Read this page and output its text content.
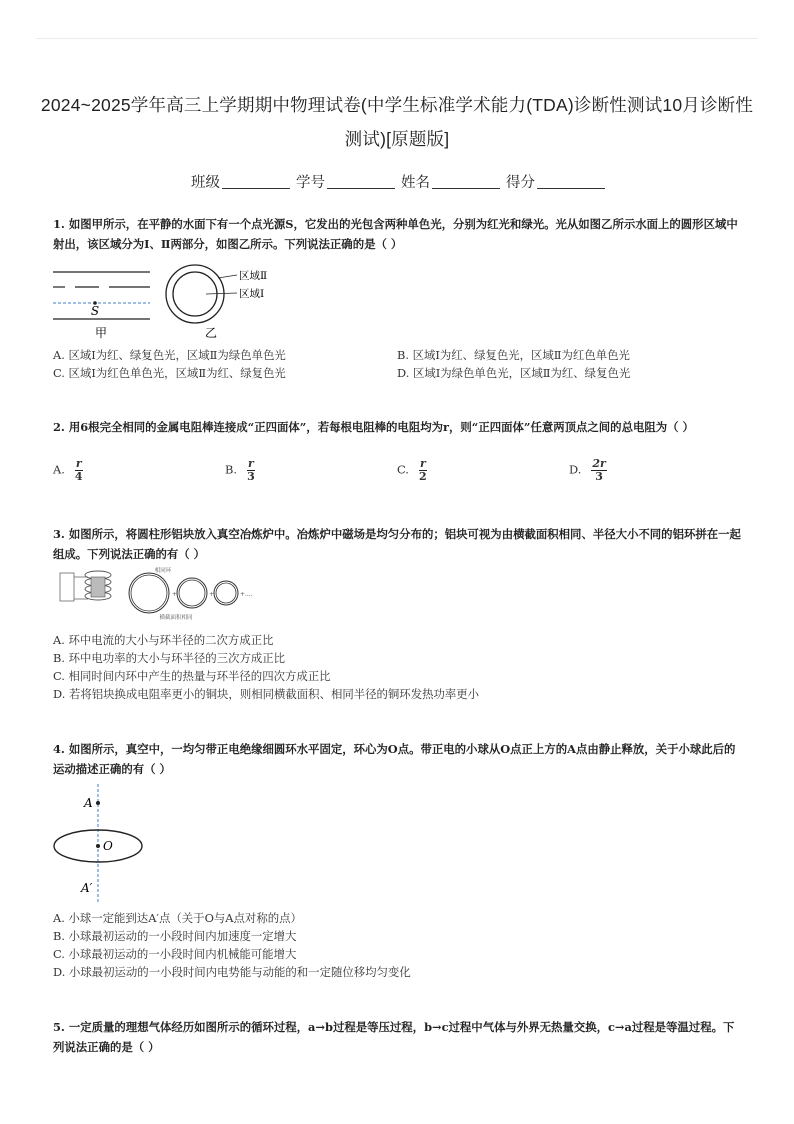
2024~2025学年高三上学期期中物理试卷(中学生标准学术能力(TDA)诊断性测试10月诊断性测试)[原题版]
班级	学号	姓名	得分
1. 如图甲所示，在平静的水面下有一个点光源S，它发出的光包含两种单色光，分别为红光和绿光。光从如图乙所示水面上的圆形区域中射出，该区域分为Ⅰ、Ⅱ两部分，如图乙所示。下列说法正确的是（ ）
S
甲
区域Ⅱ
区域Ⅰ
乙
A. 区域Ⅰ为红、绿复色光，区域Ⅱ为绿色单色光	B. 区域Ⅰ为红、绿复色光，区域Ⅱ为红色单色光
C. 区域Ⅰ为红色单色光，区域Ⅱ为红、绿复色光	D. 区域Ⅰ为绿色单色光，区域Ⅱ为红、绿复色光
2. 用6根完全相同的金属电阻棒连接成“正四面体”，若每根电阻棒的电阻均为r，则“正四面体”任意两顶点之间的总电阻为（ ）
A. $\frac{r}{4}$	B. $\frac{r}{3}$	C. $\frac{r}{2}$	D. $\frac{2r}{3}$
3. 如图所示，将圆柱形铝块放入真空冶炼炉中。冶炼炉中磁场是均匀分布的；铝块可视为由横截面积相同、半径大小不同的铝环拼在一起组成。下列说法正确的有（ ）
相同环
+	+	+....
横截面积相同
A. 环中电流的大小与环半径的二次方成正比
B. 环中电功率的大小与环半径的三次方成正比
C. 相同时间内环中产生的热量与环半径的四次方成正比
D. 若将铝块换成电阻率更小的铜块，则相同横截面积、相同半径的铜环发热功率更小
4. 如图所示，真空中，一均匀带正电绝缘细圆环水平固定，环心为O点。带正电的小球从O点正上方的A点由静止释放，关于小球此后的运动描述正确的有（ ）
A
O
A′
A. 小球一定能到达A′点（关于O与A点对称的点）
B. 小球最初运动的一小段时间内加速度一定增大
C. 小球最初运动的一小段时间内机械能可能增大
D. 小球最初运动的一小段时间内电势能与动能的和一定随位移均匀变化
5. 一定质量的理想气体经历如图所示的循环过程，a→b过程是等压过程，b→c过程中气体与外界无热量交换，c→a过程是等温过程。下列说法正确的是（ ）
